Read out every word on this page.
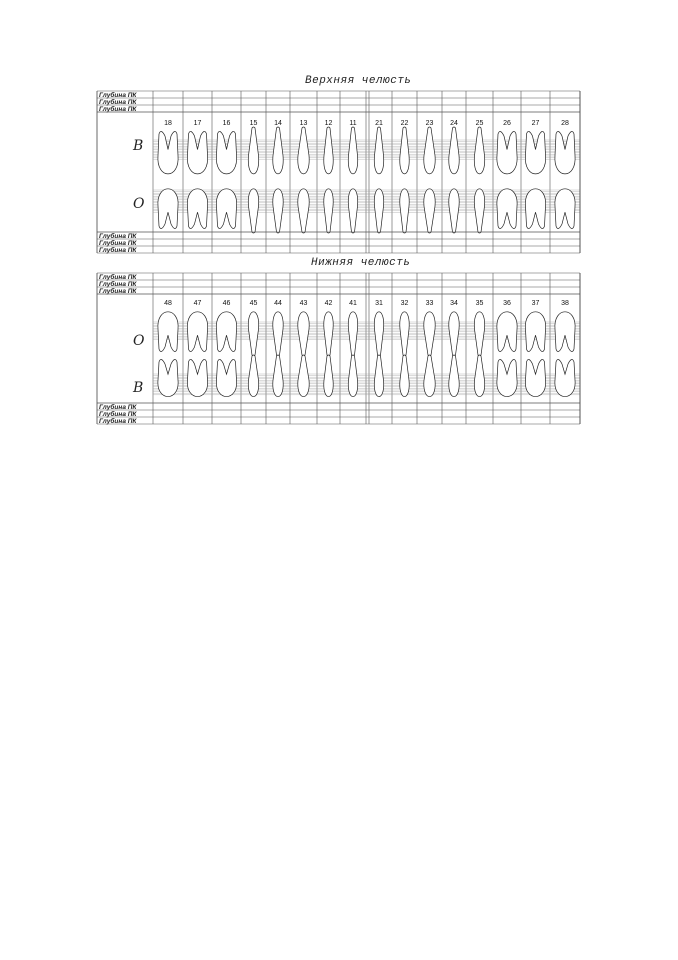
Верхняя челюсть
Нижняя челюсть
Глубина ПК
Глубина ПК
Глубина ПК
18	17	16	15 14	13 12 11	21	22 23 24	25	26	27	28
В
О
Глубина ПК
Глубина ПК
Глубина ПК
Глубина ПК
Глубина ПК
Глубина ПК
48	47	46	45 44	43 42 41	31	32 33 34	35	36	37	38
О
В
Глубина ПК
Глубина ПК
Глубина ПК
